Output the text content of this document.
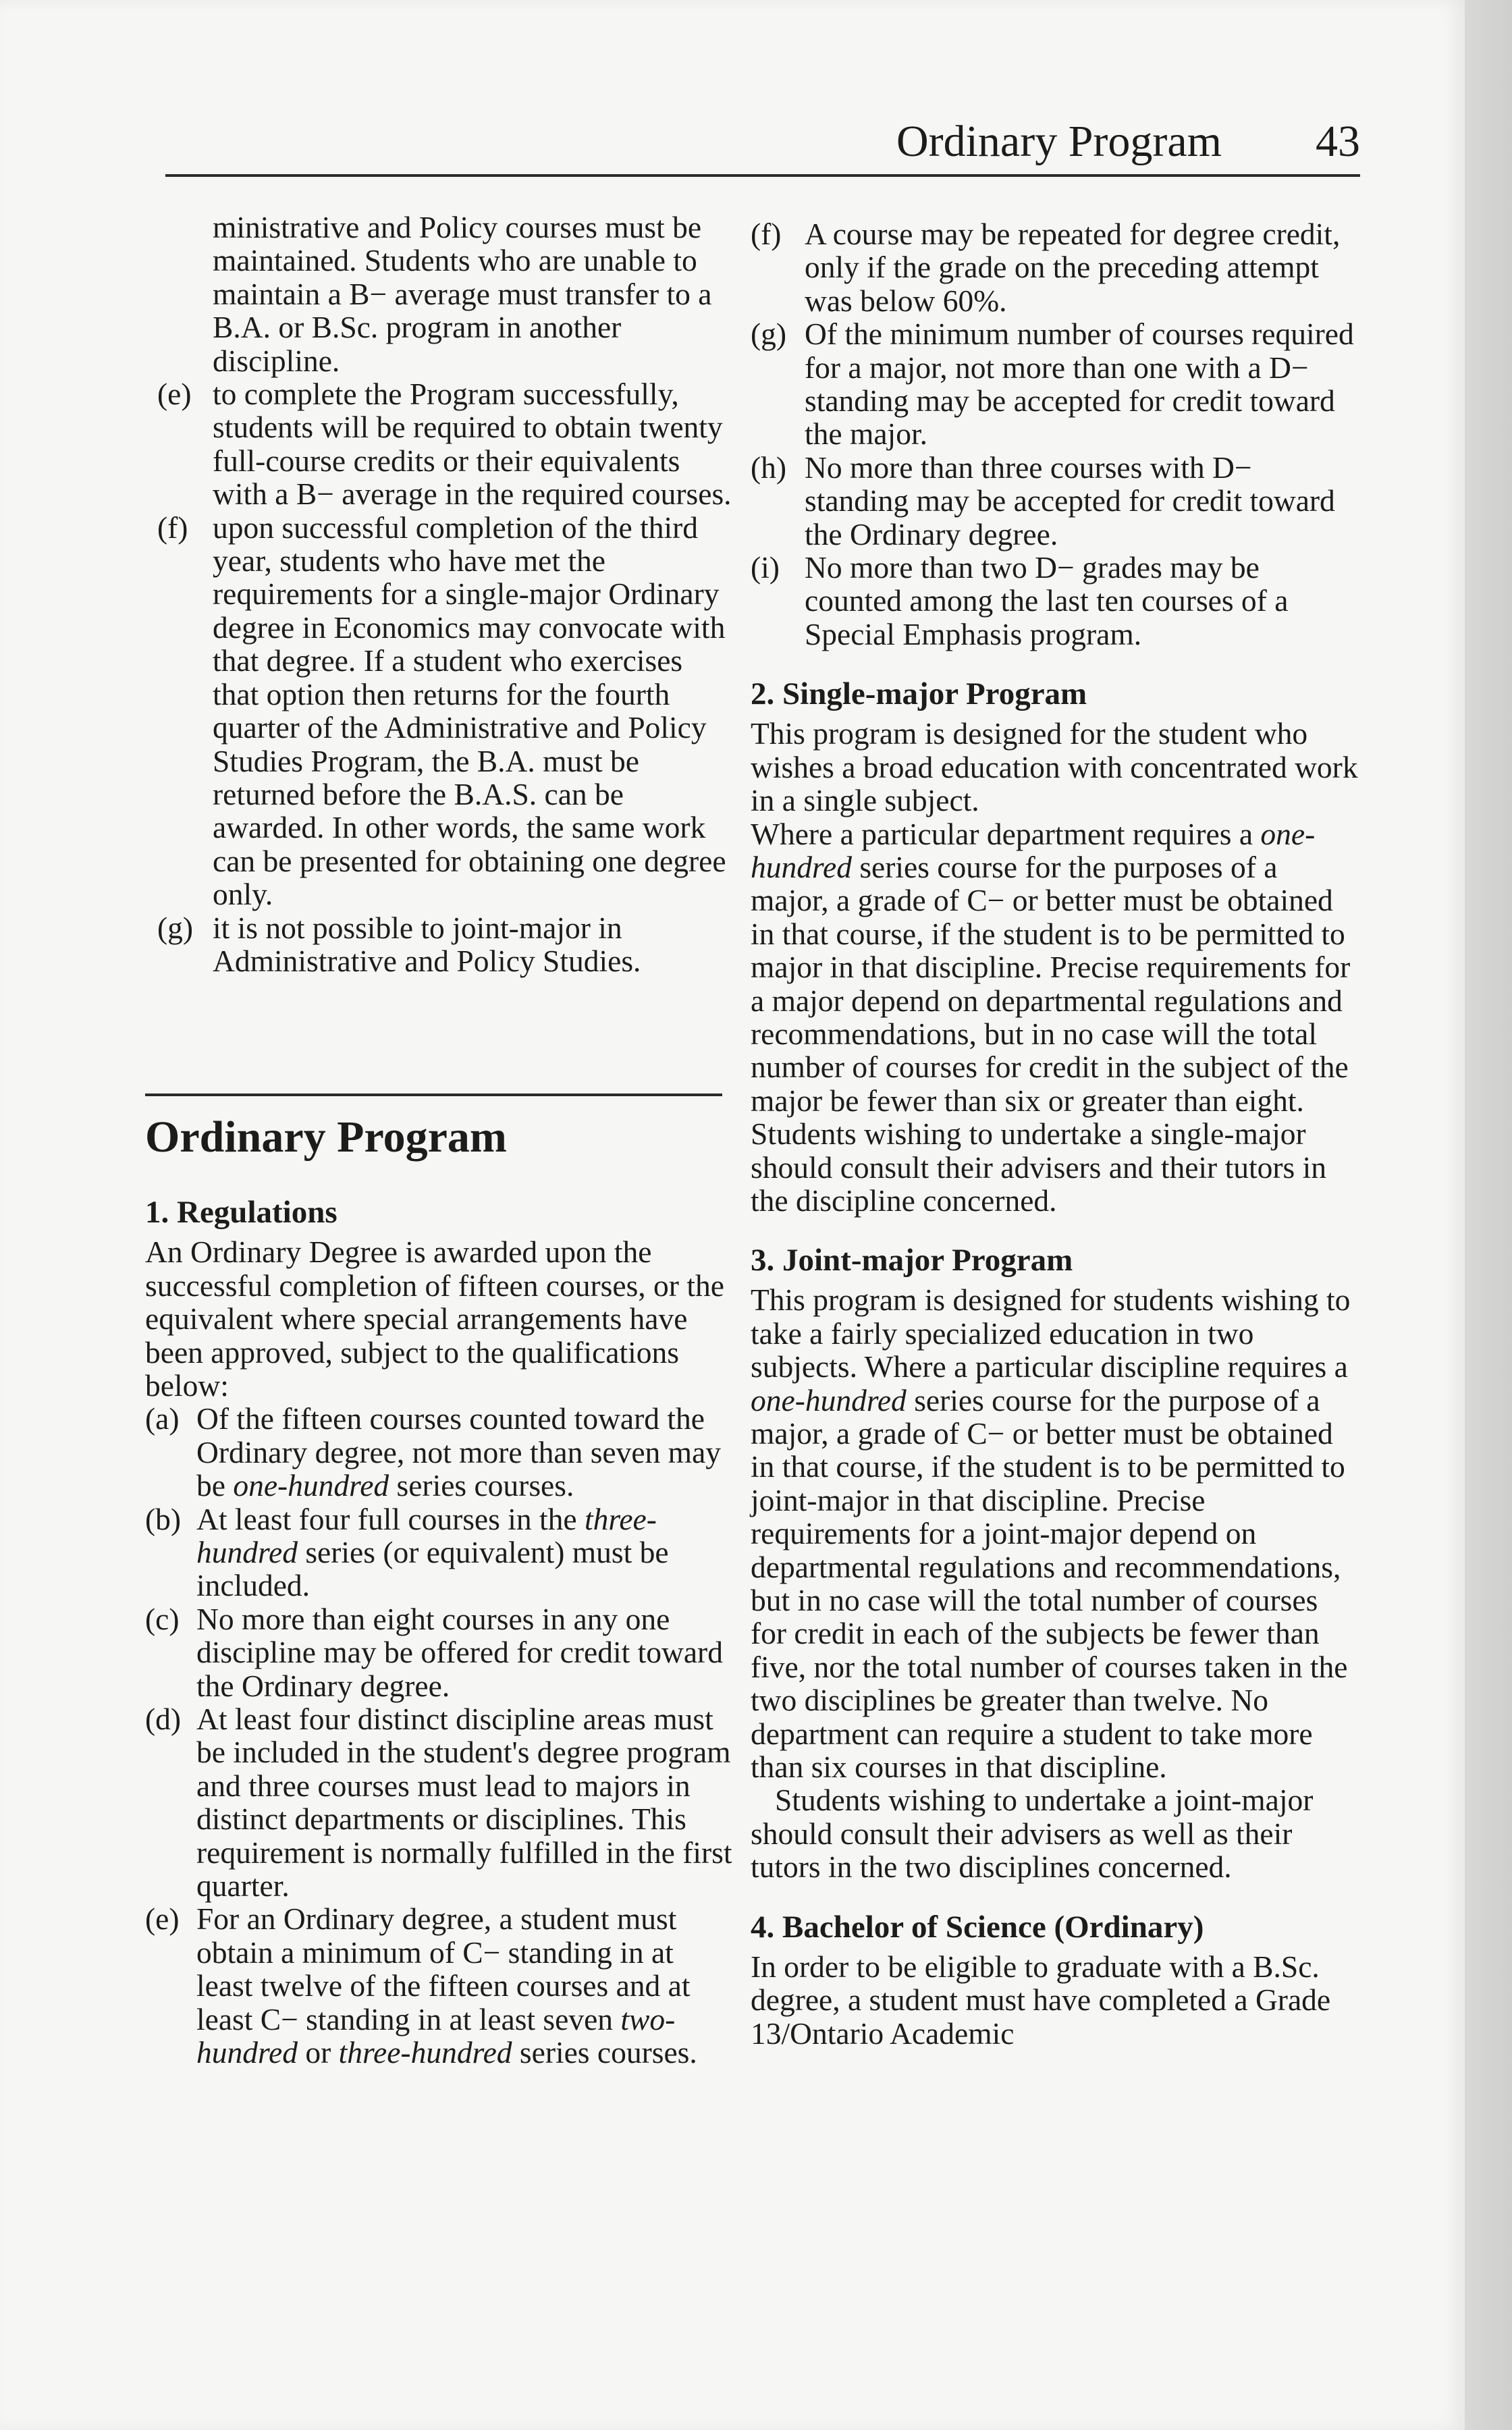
Ordinary Program 43

ministrative and Policy courses must be maintained. Students who are unable to maintain a B− average must transfer to a B.A. or B.Sc. program in another discipline.

(e) to complete the Program successfully, students will be required to obtain twenty full-course credits or their equivalents with a B− average in the required courses.
(f) upon successful completion of the third year, students who have met the requirements for a single-major Ordinary degree in Economics may convocate with that degree. If a student who exercises that option then returns for the fourth quarter of the Administrative and Policy Studies Program, the B.A. must be returned before the B.A.S. can be awarded. In other words, the same work can be presented for obtaining one degree only.
(g) it is not possible to joint-major in Administrative and Policy Studies.
Ordinary Program
1. Regulations

An Ordinary Degree is awarded upon the successful completion of fifteen courses, or the equivalent where special arrangements have been approved, subject to the qualifications below:

(a) Of the fifteen courses counted toward the Ordinary degree, not more than seven may be one-hundred series courses.
(b) At least four full courses in the three-hundred series (or equivalent) must be included.
(c) No more than eight courses in any one discipline may be offered for credit toward the Ordinary degree.
(d) At least four distinct discipline areas must be included in the student's degree program and three courses must lead to majors in distinct departments or disciplines. This requirement is normally fulfilled in the first quarter.
(e) For an Ordinary degree, a student must obtain a minimum of C− standing in at least twelve of the fifteen courses and at least C− standing in at least seven two-hundred or three-hundred series courses.
(f) A course may be repeated for degree credit, only if the grade on the preceding attempt was below 60%.
(g) Of the minimum number of courses required for a major, not more than one with a D− standing may be accepted for credit toward the major.
(h) No more than three courses with D− standing may be accepted for credit toward the Ordinary degree.
(i) No more than two D− grades may be counted among the last ten courses of a Special Emphasis program.
2. Single-major Program

This program is designed for the student who wishes a broad education with concentrated work in a single subject.

Where a particular department requires a one-hundred series course for the purposes of a major, a grade of C− or better must be obtained in that course, if the student is to be permitted to major in that discipline. Precise requirements for a major depend on departmental regulations and recommendations, but in no case will the total number of courses for credit in the subject of the major be fewer than six or greater than eight.

Students wishing to undertake a single-major should consult their advisers and their tutors in the discipline concerned.

3. Joint-major Program

This program is designed for students wishing to take a fairly specialized education in two subjects. Where a particular discipline requires a one-hundred series course for the purpose of a major, a grade of C− or better must be obtained in that course, if the student is to be permitted to joint-major in that discipline. Precise requirements for a joint-major depend on departmental regulations and recommendations, but in no case will the total number of courses for credit in each of the subjects be fewer than five, nor the total number of courses taken in the two disciplines be greater than twelve. No department can require a student to take more than six courses in that discipline.

Students wishing to undertake a joint-major should consult their advisers as well as their tutors in the two disciplines concerned.

4. Bachelor of Science (Ordinary)

In order to be eligible to graduate with a B.Sc. degree, a student must have completed a Grade 13/Ontario Academic
